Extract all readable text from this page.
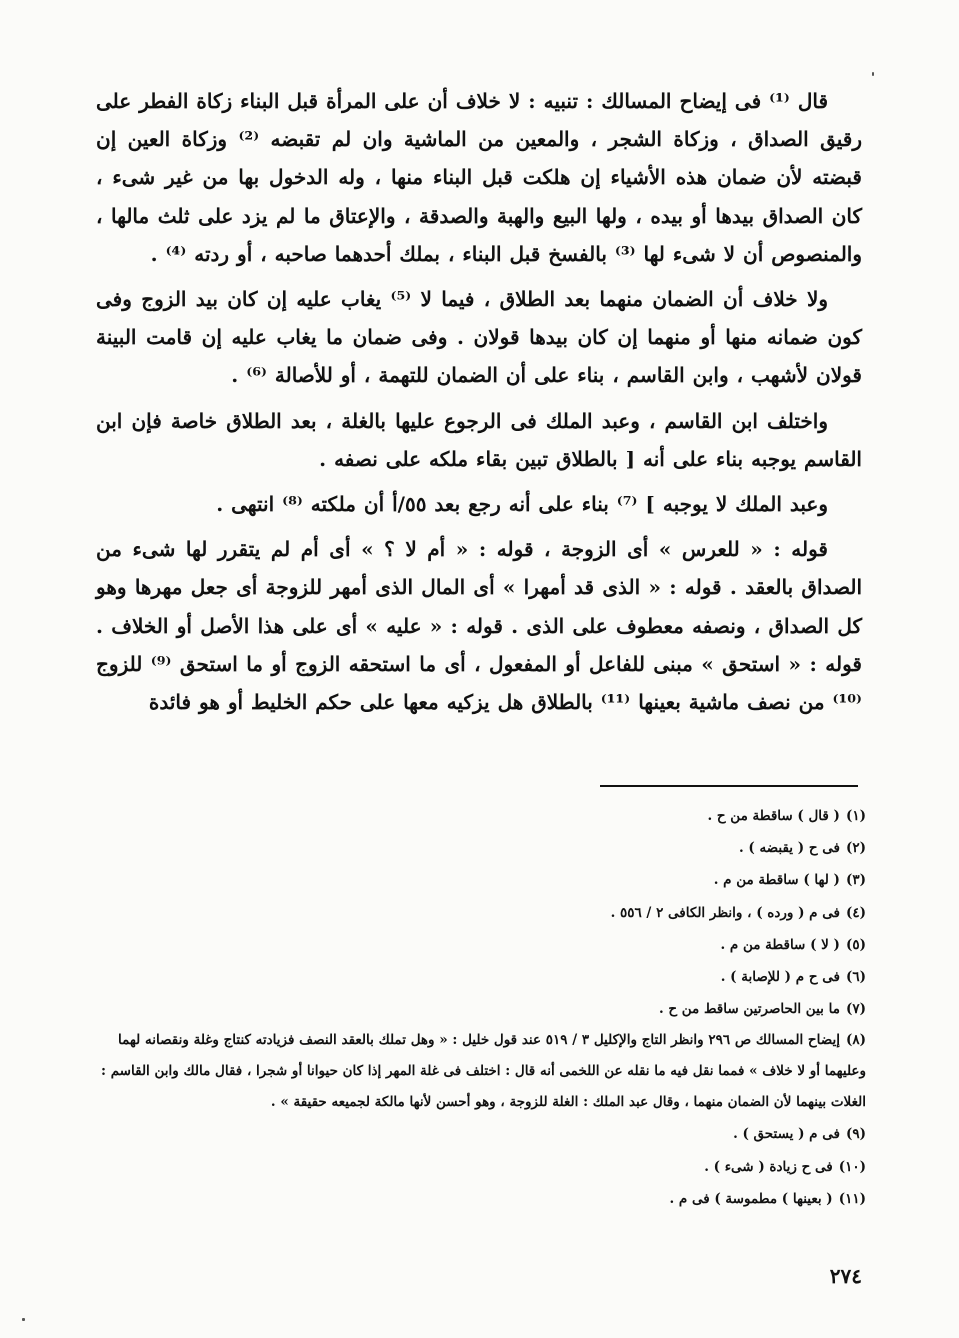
قال ⁽¹⁾ فى إيضاح المسالك : تنبيه : لا خلاف أن على المرأة قبل البناء زكاة الفطر على رقيق الصداق ، وزكاة الشجر ، والمعين من الماشية وان لم تقبضه ⁽²⁾ وزكاة العين إن قبضته لأن ضمان هذه الأشياء إن هلكت قبل البناء منها ، وله الدخول بها من غير شىء ، كان الصداق بيدها أو بيده ، ولها البيع والهبة والصدقة ، والإعتاق ما لم يزد على ثلث مالها ، والمنصوص أن لا شىء لها ⁽³⁾ بالفسخ قبل البناء ، بملك أحدهما صاحبه ، أو ردته ⁽⁴⁾ .

ولا خلاف أن الضمان منهما بعد الطلاق ، فيما لا ⁽⁵⁾ يغاب عليه إن كان بيد الزوج وفى كون ضمانه منها أو منهما إن كان بيدها قولان . وفى ضمان ما يغاب عليه إن قامت البينة قولان لأشهب ، وابن القاسم ، بناء على أن الضمان للتهمة ، أو للأصالة ⁽⁶⁾ .

واختلف ابن القاسم ، وعبد الملك فى الرجوع عليها بالغلة ، بعد الطلاق خاصة فإن ابن القاسم يوجبه بناء على أنه [ بالطلاق تبين بقاء ملكه على نصفه .

وعبد الملك لا يوجبه ] ⁽⁷⁾ بناء على أنه رجع بعد ٥٥/أ أن ملكته ⁽⁸⁾ انتهى .

قوله : « للعرس » أى الزوجة ، قوله : « أم لا ؟ » أى أم لم يتقرر لها شىء من الصداق بالعقد . قوله : « الذى قد أمهرا » أى المال الذى أمهر للزوجة أى جعل مهرها وهو كل الصداق ، ونصفه معطوف على الذى . قوله : « عليه » أى على هذا الأصل أو الخلاف . قوله : « استحق » مبنى للفاعل أو المفعول ، أى ما استحقه الزوج أو ما استحق ⁽⁹⁾ للزوج ⁽¹⁰⁾ من نصف ماشية بعينها ⁽¹¹⁾ بالطلاق هل يزكيه معها على حكم الخليط أو هو فائدة

(١)( قال ) ساقطة من ح .

(٢)فى ح ( يقبضه ) .

(٣)( لها ) ساقطة من م .

(٤)فى م ( ورده ) ، وانظر الكافى ٢ / ٥٥٦ .

(٥)( لا ) ساقطة من م .

(٦)فى ح م ( للإصابة ) .

(٧)ما بين الحاصرتين ساقط من ح .

(٨)إيضاح المسالك ص ٢٩٦ وانظر التاج والإكليل ٣ / ٥١٩ عند قول خليل : « وهل تملك بالعقد النصف فزيادته كنتاج وغلة ونقصانه لهما وعليهما أو لا خلاف » فمما نقل فيه ما نقله عن اللخمى أنه قال : اختلف فى غلة المهر إذا كان حيوانا أو شجرا ، فقال مالك وابن القاسم : الغلات بينهما لأن الضمان منهما ، وقال عبد الملك : الغلة للزوجة ، وهو أحسن لأنها مالكة لجميعه حقيقة » .

(٩)فى م ( يستحق ) .

(١٠)فى ح زيادة ( شىء ) .

(١١)( بعينها ) مطموسة ) فى م .

٢٧٤
